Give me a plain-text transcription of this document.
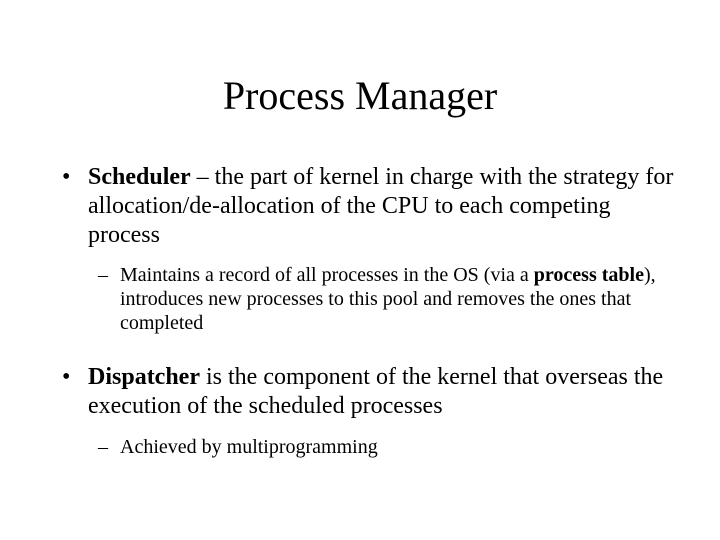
Process Manager
• Scheduler – the part of kernel in charge with the strategy for allocation/de-allocation of the CPU to each competing process
– Maintains a record of all processes in the OS (via a process table), introduces new processes to this pool and removes the ones that completed
• Dispatcher is the component of the kernel that overseas the execution of the scheduled processes
– Achieved by multiprogramming
